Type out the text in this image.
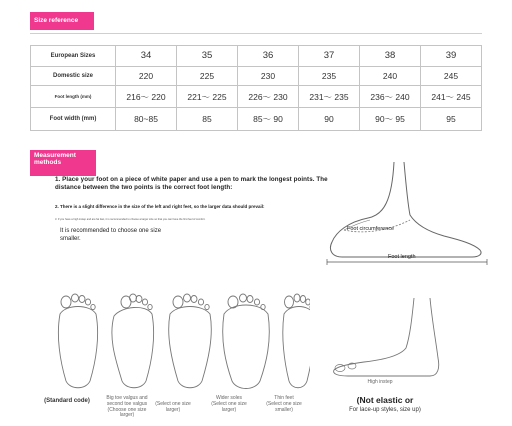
Size reference
European Sizes	34	35	36	37	38	39
Domestic size	220	225	230	235	240	245
Foot length (mm)	216～ 220	221～ 225	226～ 230	231～ 235	236～ 240	241～ 245
Foot width (mm)	80~85	85	85～ 90	90	90～ 95	95
Measurement methods
1. Place your foot on a piece of white paper and use a pen to mark the longest points. The distance between the two points is the correct foot length:
2. There is a slight difference in the size of the left and right feet, so the larger data should prevail:
3. If you have a high instep and are fat feet, it is recommended to choose a larger size so that you can have the first feel of comfort.
It is recommended to choose one size smaller.
Foot circumference
Foot length
(Standard code)	Big toe valgus and second toe valgus
(Choose one size larger)
(Select one size larger)
Wider soles
(Select one size larger)
Thin feet
(Select one size smaller)
High instep
(Not elastic or
For lace-up styles, size up)
